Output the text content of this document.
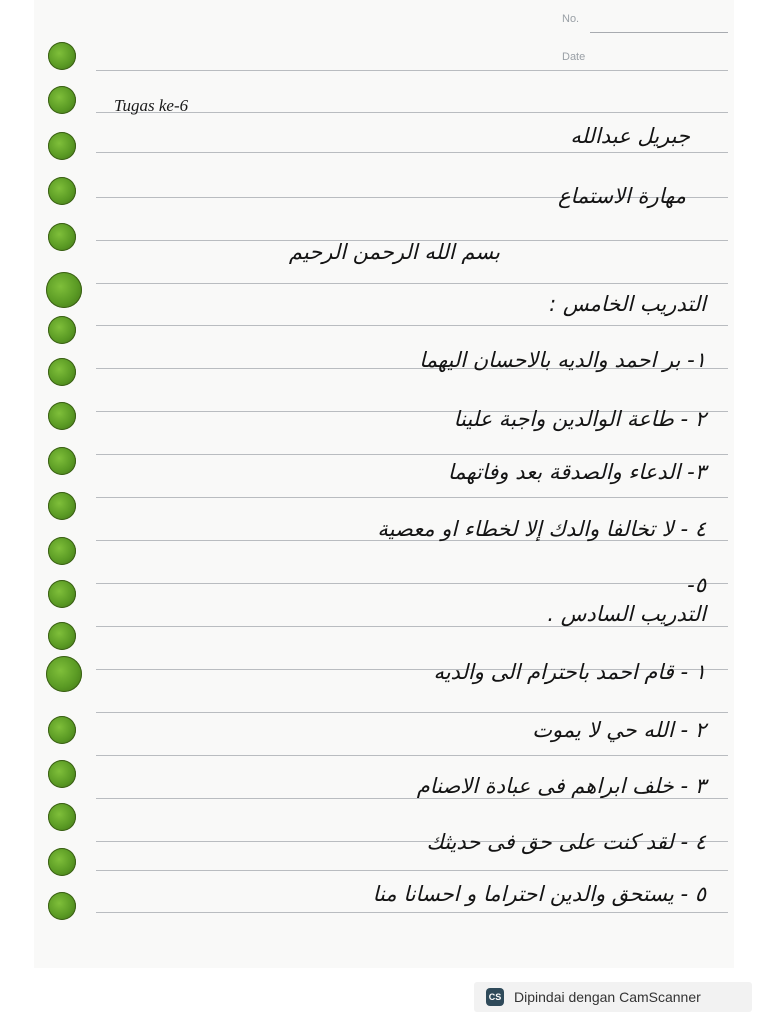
No.
Date
Tugas ke-6
جبريل عبدالله
مهارة الاستماع
بسم الله الرحمن الرحيم
التدريب الخامس :
١- بر احمد والديه بالاحسان اليهما
٢ - طاعة الوالدين واجبة علينا
٣- الدعاء والصدقة بعد وفاتهما
٤ - لا تخالفا والدك إلا لخطاء او معصية
٥-
التدريب السادس .
١ - قام احمد باحترام الى والديه
٢ - الله حي لا يموت
٣ - خلف ابراهم فى عبادة الاصنام
٤ - لقد كنت على حق فى حديثك
٥ - يستحق والدين احتراما و احسانا منا
CS Dipindai dengan CamScanner
